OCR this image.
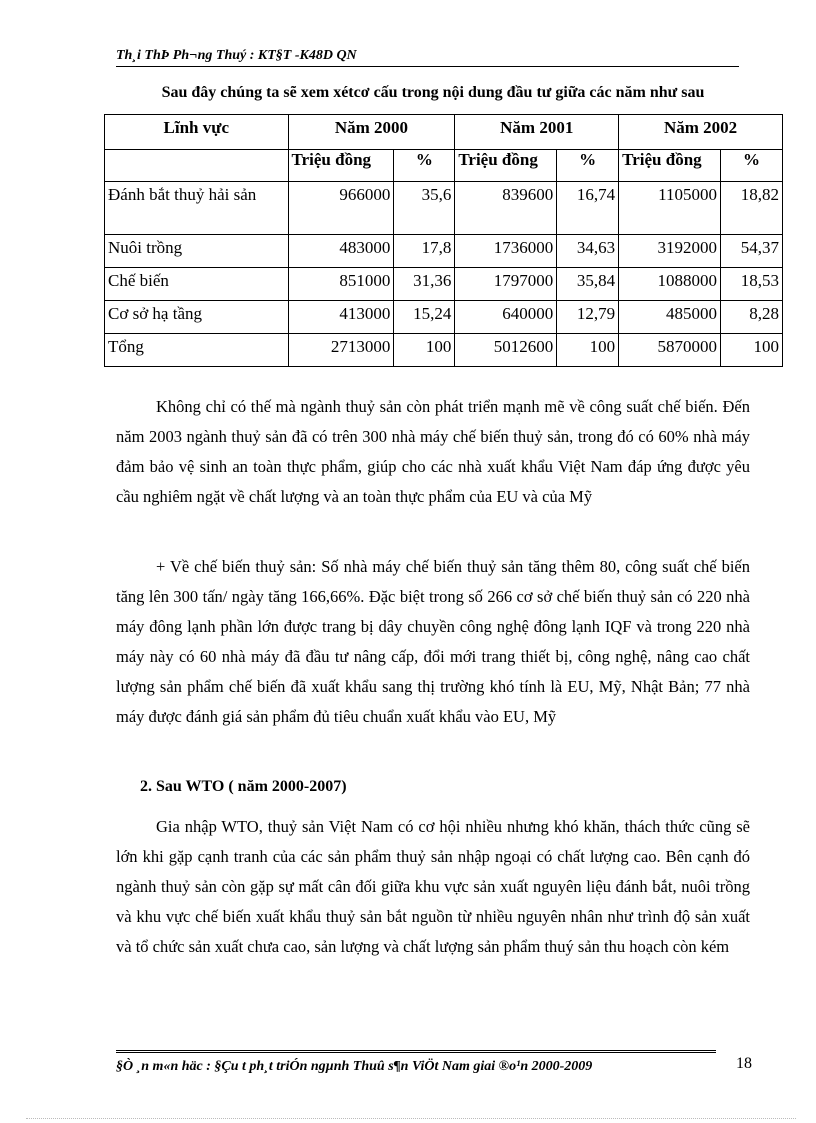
Th¸i ThÞ Ph¬ng Thuý : KT§T -K48D QN
Sau đây chúng ta sẽ xem xétcơ cấu trong nội dung đầu tư giữa các năm như sau
Lĩnh vực	Năm 2000		Năm 2001		Năm 2002	
	Triệu đồng	%	Triệu đồng	%	Triệu đồng	%
Đánh bắt thuỷ hải sản	966000	35,6	839600	16,74	1105000	18,82
Nuôi trồng	483000	17,8	1736000	34,63	3192000	54,37
Chế biến	851000	31,36	1797000	35,84	1088000	18,53
Cơ sở hạ tầng	413000	15,24	640000	12,79	485000	8,28
Tổng	2713000	100	5012600	100	5870000	100
Không chỉ có thế mà ngành thuỷ sản còn phát triển mạnh mẽ về công suất chế biến. Đến năm 2003 ngành thuỷ sản đã có trên 300 nhà máy chế biến thuỷ sản, trong đó có 60% nhà máy đảm bảo vệ sinh an toàn thực phẩm, giúp cho các nhà xuất khẩu Việt Nam đáp ứng được yêu cầu nghiêm ngặt về chất lượng và an toàn thực phẩm của EU và của Mỹ
+ Về chế biến thuỷ sản: Số nhà máy chế biến thuỷ sản tăng thêm 80, công suất chế biến tăng lên 300 tấn/ ngày tăng 166,66%. Đặc biệt trong số 266 cơ sở chế biến thuỷ sản có 220 nhà máy đông lạnh phần lớn được trang bị dây chuyền công nghệ đông lạnh IQF và trong 220 nhà máy này có 60 nhà máy đã đầu tư nâng cấp, đổi mới trang thiết bị, công nghệ, nâng cao chất lượng sản phẩm chế biến đã xuất khẩu sang thị trường khó tính là EU, Mỹ, Nhật Bản; 77 nhà máy được đánh giá sản phẩm đủ tiêu chuẩn xuất khẩu vào EU, Mỹ
2. Sau WTO ( năm 2000-2007)
Gia nhập WTO, thuỷ sản Việt Nam có cơ hội nhiều nhưng khó khăn, thách thức cũng sẽ lớn khi gặp cạnh tranh của các sản phẩm thuỷ sản nhập ngoại có chất lượng cao. Bên cạnh đó ngành thuỷ sản còn gặp sự mất cân đối giữa khu vực sản xuất nguyên liệu đánh bắt, nuôi trồng và khu vực chế biến xuất khẩu thuỷ sản bắt nguồn từ nhiều nguyên nhân như trình độ sản xuất và tổ chức sản xuất chưa cao, sản lượng và chất lượng sản phẩm thuý sản thu hoạch còn kém
§Ò ¸n m«n häc : §Çu t ph¸t triÓn ngµnh Thuû s¶n ViÖt Nam giai ®o¹n 2000-2009	18
